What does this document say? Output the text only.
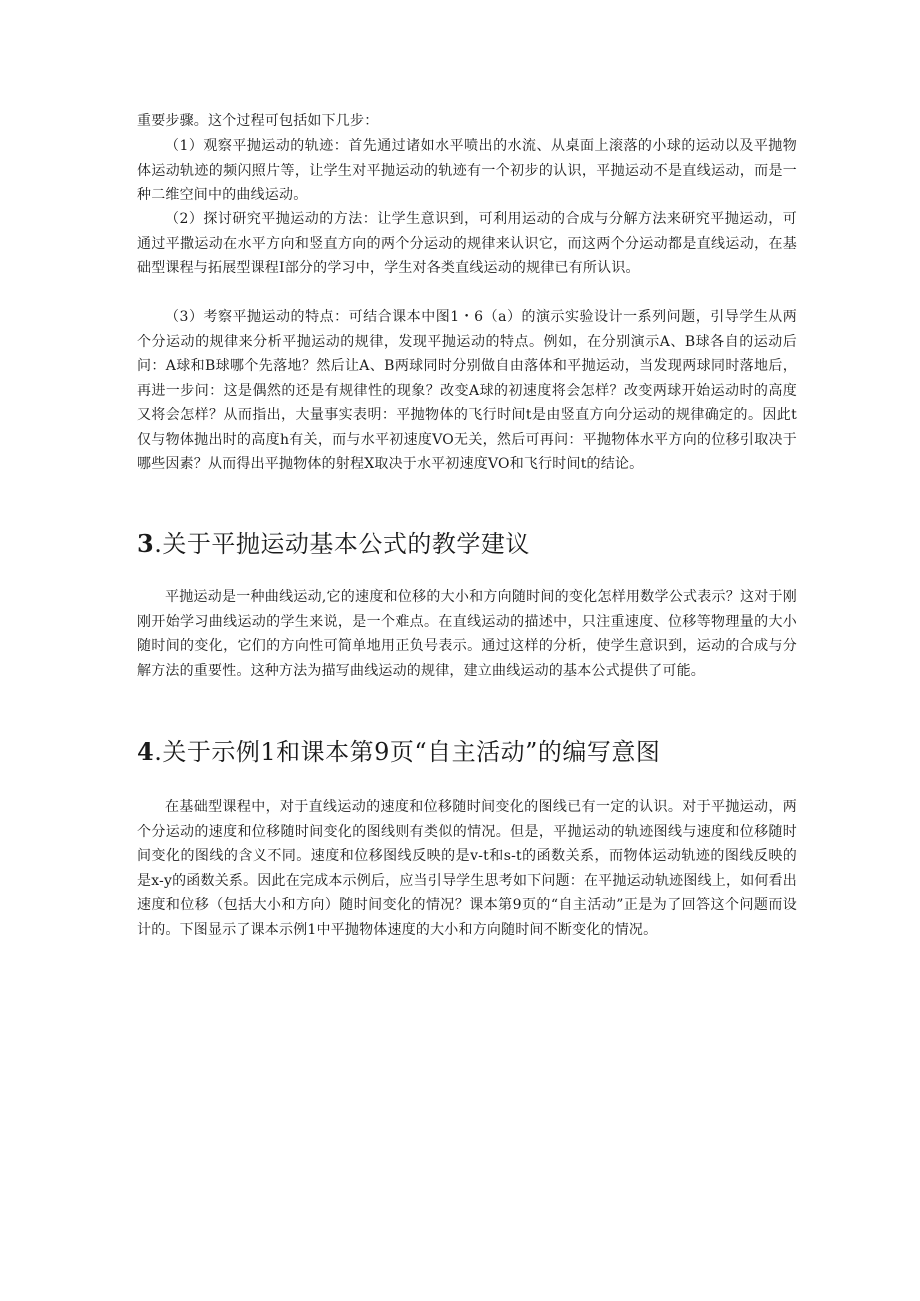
重要步骤。这个过程可包括如下几步：

（1）观察平抛运动的轨迹：首先通过诸如水平喷出的水流、从桌面上滚落的小球的运动以及平抛物体运动轨迹的频闪照片等，让学生对平抛运动的轨迹有一个初步的认识，平抛运动不是直线运动，而是一种二维空间中的曲线运动。

（2）探讨研究平抛运动的方法：让学生意识到，可利用运动的合成与分解方法来研究平抛运动，可通过平撒运动在水平方向和竖直方向的两个分运动的规律来认识它，而这两个分运动都是直线运动，在基础型课程与拓展型课程I部分的学习中，学生对各类直线运动的规律已有所认识。

（3）考察平抛运动的特点：可结合课本中图1・6（a）的演示实验设计一系列问题，引导学生从两个分运动的规律来分析平抛运动的规律，发现平抛运动的特点。例如，在分别演示A、B球各自的运动后问：A球和B球哪个先落地？然后让A、B两球同时分别做自由落体和平抛运动，当发现两球同时落地后，再进一步问：这是偶然的还是有规律性的现象？改变A球的初速度将会怎样？改变两球开始运动时的高度又将会怎样？从而指出，大量事实表明：平抛物体的飞行时间t是由竖直方向分运动的规律确定的。因此t仅与物体抛出时的高度h有关，而与水平初速度VO无关，然后可再问：平抛物体水平方向的位移引取决于哪些因素？从而得出平抛物体的射程X取决于水平初速度VO和飞行时间t的结论。

3.关于平抛运动基本公式的教学建议

平抛运动是一种曲线运动,它的速度和位移的大小和方向随时间的变化怎样用数学公式表示？这对于刚刚开始学习曲线运动的学生来说，是一个难点。在直线运动的描述中，只注重速度、位移等物理量的大小随时间的变化，它们的方向性可简单地用正负号表示。通过这样的分析，使学生意识到，运动的合成与分解方法的重要性。这种方法为描写曲线运动的规律，建立曲线运动的基本公式提供了可能。

4.关于示例1和课本第9页“自主活动”的编写意图

在基础型课程中，对于直线运动的速度和位移随时间变化的图线已有一定的认识。对于平抛运动，两个分运动的速度和位移随时间变化的图线则有类似的情况。但是，平抛运动的轨迹图线与速度和位移随时间变化的图线的含义不同。速度和位移图线反映的是v-t和s-t的函数关系，而物体运动轨迹的图线反映的是x-y的函数关系。因此在完成本示例后，应当引导学生思考如下问题：在平抛运动轨迹图线上，如何看出速度和位移（包括大小和方向）随时间变化的情况？课本第9页的“自主活动”正是为了回答这个问题而设计的。下图显示了课本示例1中平抛物体速度的大小和方向随时间不断变化的情况。
